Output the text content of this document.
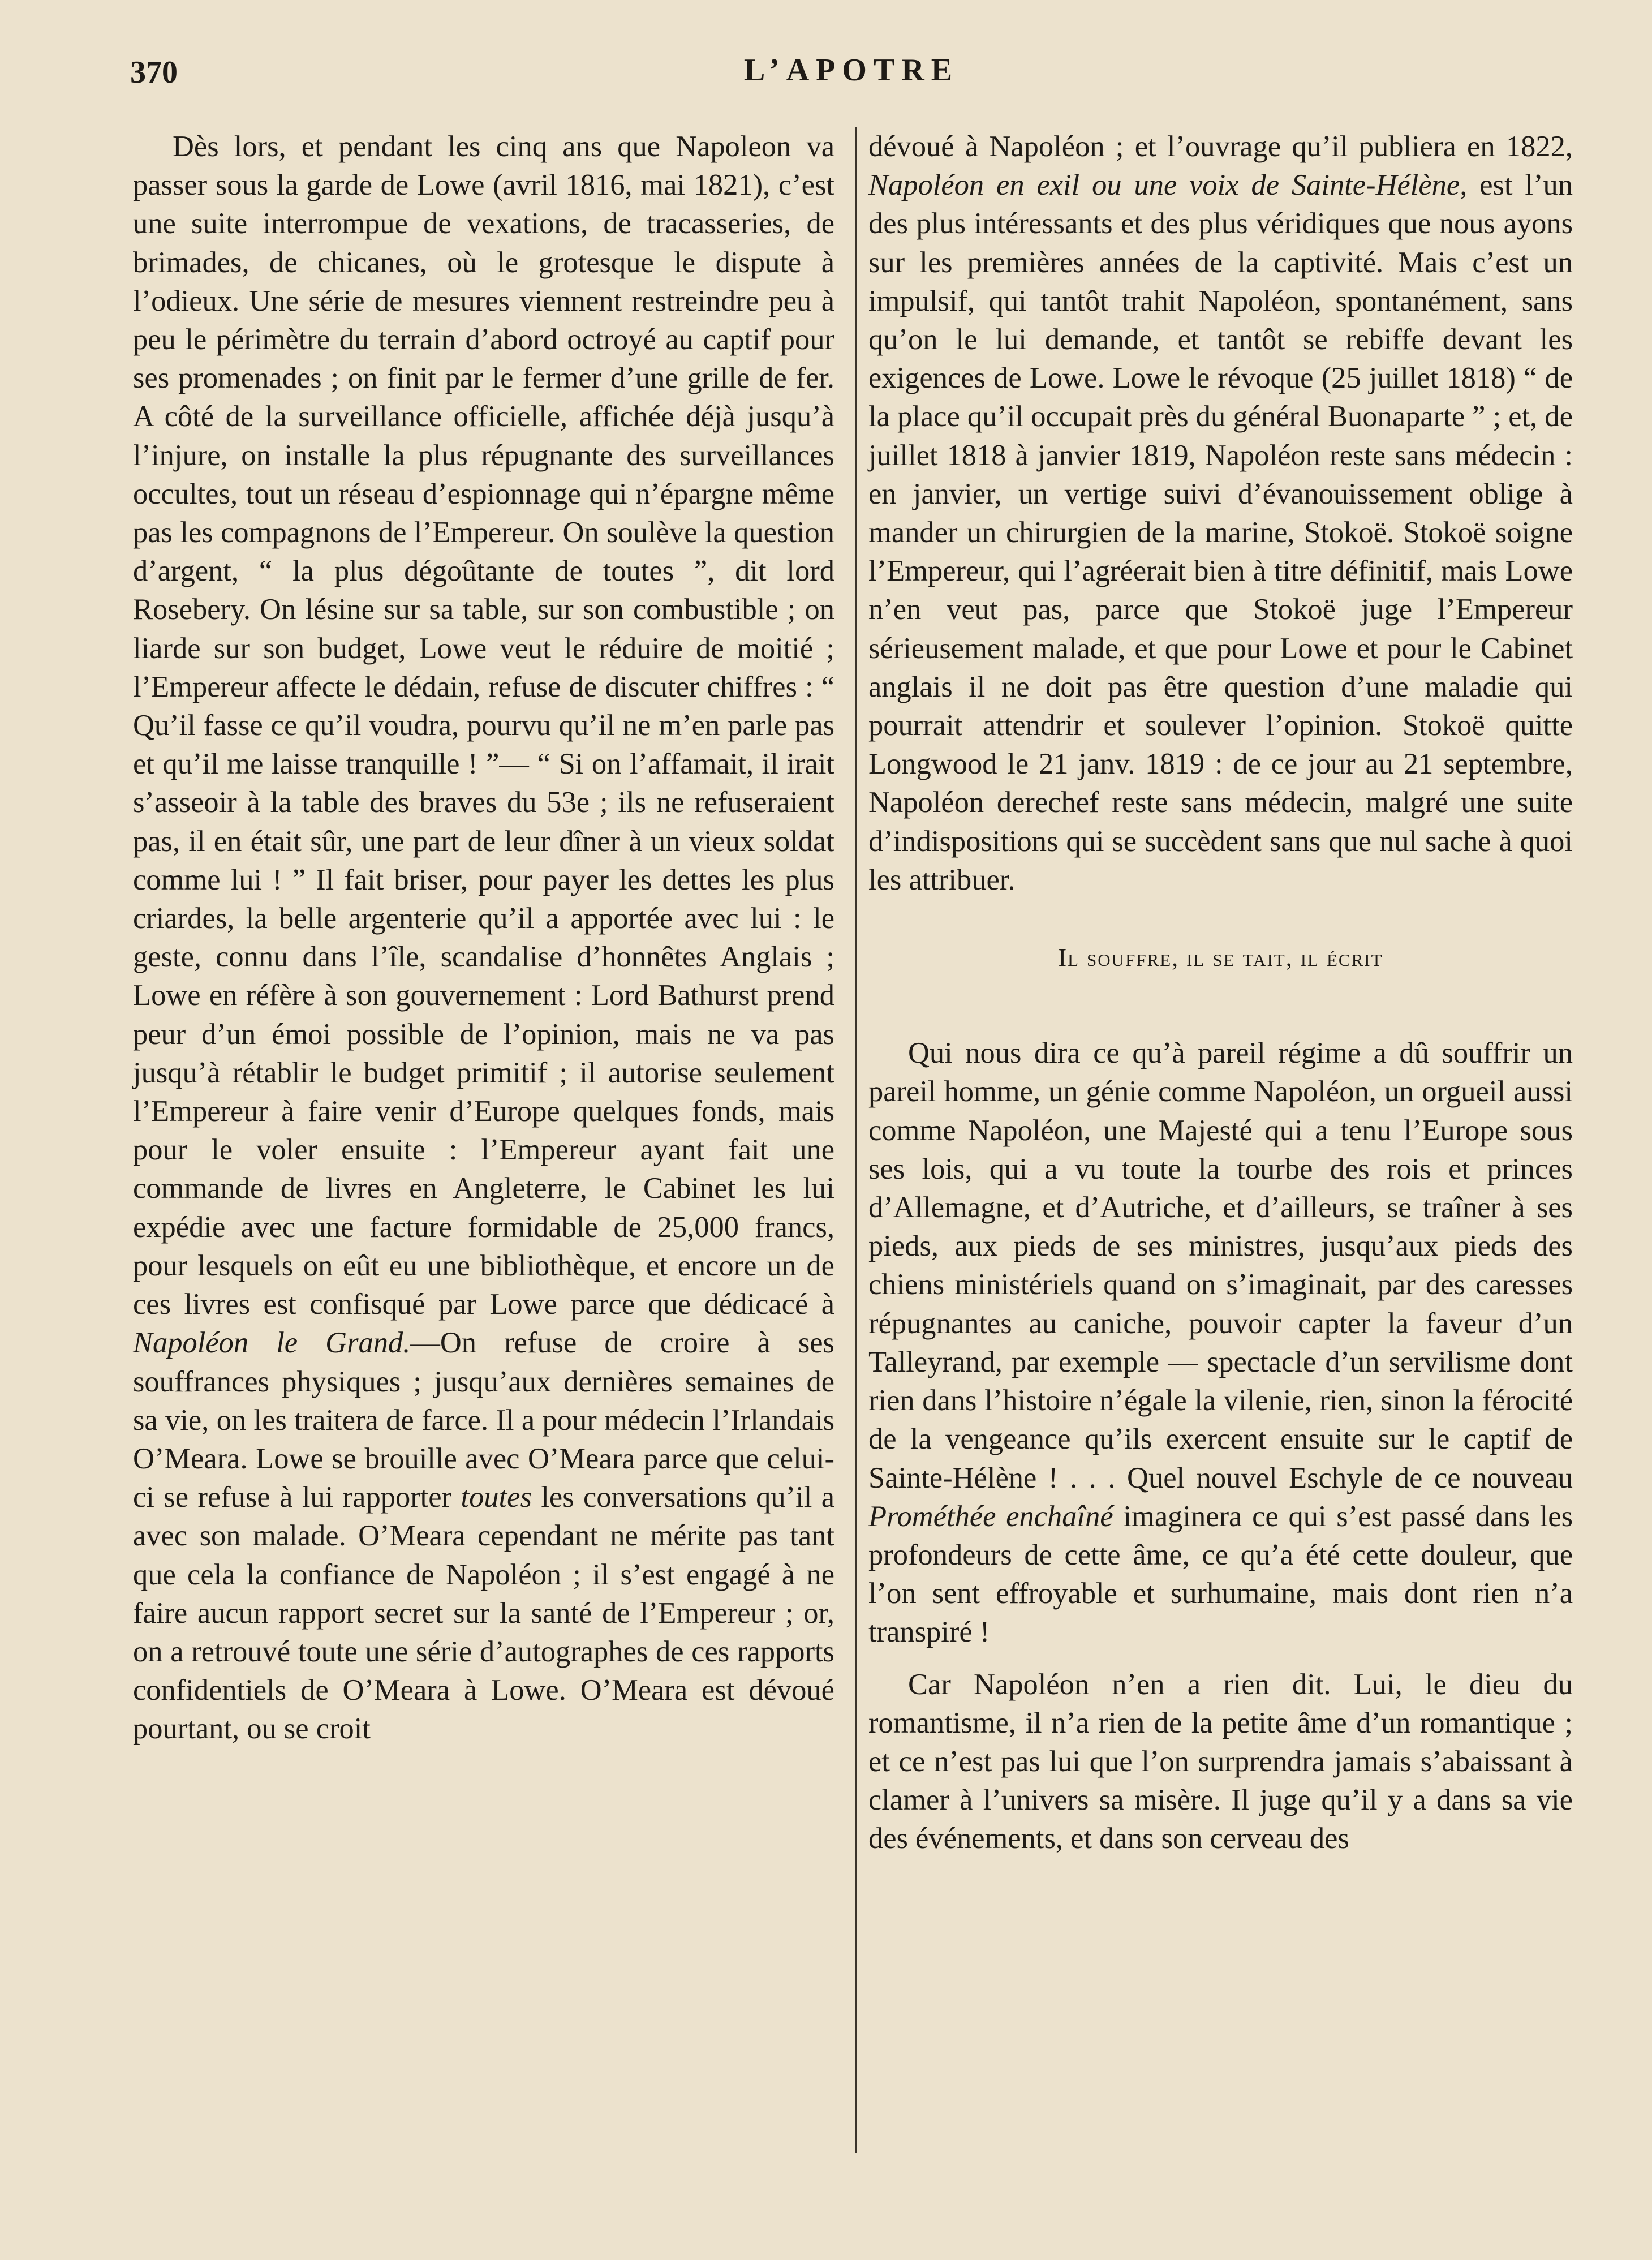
370	L’APOTRE

Dès lors, et pendant les cinq ans que Napoleon va passer sous la garde de Lowe (avril 1816, mai 1821), c’est une suite interrompue de vexations, de tracasseries, de brimades, de chicanes, où le grotesque le dispute à l’odieux. Une série de mesures viennent restreindre peu à peu le périmètre du terrain d’abord octroyé au captif pour ses promenades ; on finit par le fermer d’une grille de fer. A côté de la surveillance officielle, affichée déjà jusqu’à l’injure, on installe la plus répugnante des surveillances occultes, tout un réseau d’espionnage qui n’épargne même pas les compagnons de l’Empereur. On soulève la question d’argent, “ la plus dégoûtante de toutes ”, dit lord Rosebery. On lésine sur sa table, sur son combustible ; on liarde sur son budget, Lowe veut le réduire de moitié ; l’Empereur affecte le dédain, refuse de discuter chiffres : “ Qu’il fasse ce qu’il voudra, pourvu qu’il ne m’en parle pas et qu’il me laisse tranquille ! ”— “ Si on l’affamait, il irait s’asseoir à la table des braves du 53e ; ils ne refuseraient pas, il en était sûr, une part de leur dîner à un vieux soldat comme lui ! ” Il fait briser, pour payer les dettes les plus criardes, la belle argenterie qu’il a apportée avec lui : le geste, connu dans l’île, scandalise d’honnêtes Anglais ; Lowe en réfère à son gouvernement : Lord Bathurst prend peur d’un émoi possible de l’opinion, mais ne va pas jusqu’à rétablir le budget primitif ; il autorise seulement l’Empereur à faire venir d’Europe quelques fonds, mais pour le voler ensuite : l’Empereur ayant fait une commande de livres en Angleterre, le Cabinet les lui expédie avec une facture formidable de 25,000 francs, pour lesquels on eût eu une bibliothèque, et encore un de ces livres est confisqué par Lowe parce que dédicacé à Napoléon le Grand.—On refuse de croire à ses souffrances physiques ; jusqu’aux dernières semaines de sa vie, on les traitera de farce. Il a pour médecin l’Irlandais O’Meara. Lowe se brouille avec O’Meara parce que celui-ci se refuse à lui rapporter toutes les conversations qu’il a avec son malade. O’Meara cependant ne mérite pas tant que cela la confiance de Napoléon ; il s’est engagé à ne faire aucun rapport secret sur la santé de l’Empereur ; or, on a retrouvé toute une série d’autographes de ces rapports confidentiels de O’Meara à Lowe. O’Meara est dévoué pourtant, ou se croit

dévoué à Napoléon ; et l’ouvrage qu’il publiera en 1822, Napoléon en exil ou une voix de Sainte-Hélène, est l’un des plus intéressants et des plus véridiques que nous ayons sur les premières années de la captivité. Mais c’est un impulsif, qui tantôt trahit Napoléon, spontanément, sans qu’on le lui demande, et tantôt se rebiffe devant les exigences de Lowe. Lowe le révoque (25 juillet 1818) “ de la place qu’il occupait près du général Buonaparte ” ; et, de juillet 1818 à janvier 1819, Napoléon reste sans médecin : en janvier, un vertige suivi d’évanouissement oblige à mander un chirurgien de la marine, Stokoë. Stokoë soigne l’Empereur, qui l’agréerait bien à titre définitif, mais Lowe n’en veut pas, parce que Stokoë juge l’Empereur sérieusement malade, et que pour Lowe et pour le Cabinet anglais il ne doit pas être question d’une maladie qui pourrait attendrir et soulever l’opinion. Stokoë quitte Longwood le 21 janv. 1819 : de ce jour au 21 septembre, Napoléon derechef reste sans médecin, malgré une suite d’indispositions qui se succèdent sans que nul sache à quoi les attribuer.

Il souffre, il se tait, il écrit

Qui nous dira ce qu’à pareil régime a dû souffrir un pareil homme, un génie comme Napoléon, un orgueil aussi comme Napoléon, une Majesté qui a tenu l’Europe sous ses lois, qui a vu toute la tourbe des rois et princes d’Allemagne, et d’Autriche, et d’ailleurs, se traîner à ses pieds, aux pieds de ses ministres, jusqu’aux pieds des chiens ministériels quand on s’imaginait, par des caresses répugnantes au caniche, pouvoir capter la faveur d’un Talleyrand, par exemple — spectacle d’un servilisme dont rien dans l’histoire n’égale la vilenie, rien, sinon la férocité de la vengeance qu’ils exercent ensuite sur le captif de Sainte-Hélène ! . . . Quel nouvel Eschyle de ce nouveau Prométhée enchaîné imaginera ce qui s’est passé dans les profondeurs de cette âme, ce qu’a été cette douleur, que l’on sent effroyable et surhumaine, mais dont rien n’a transpiré !

Car Napoléon n’en a rien dit. Lui, le dieu du romantisme, il n’a rien de la petite âme d’un romantique ; et ce n’est pas lui que l’on surprendra jamais s’abaissant à clamer à l’univers sa misère. Il juge qu’il y a dans sa vie des événements, et dans son cerveau des
